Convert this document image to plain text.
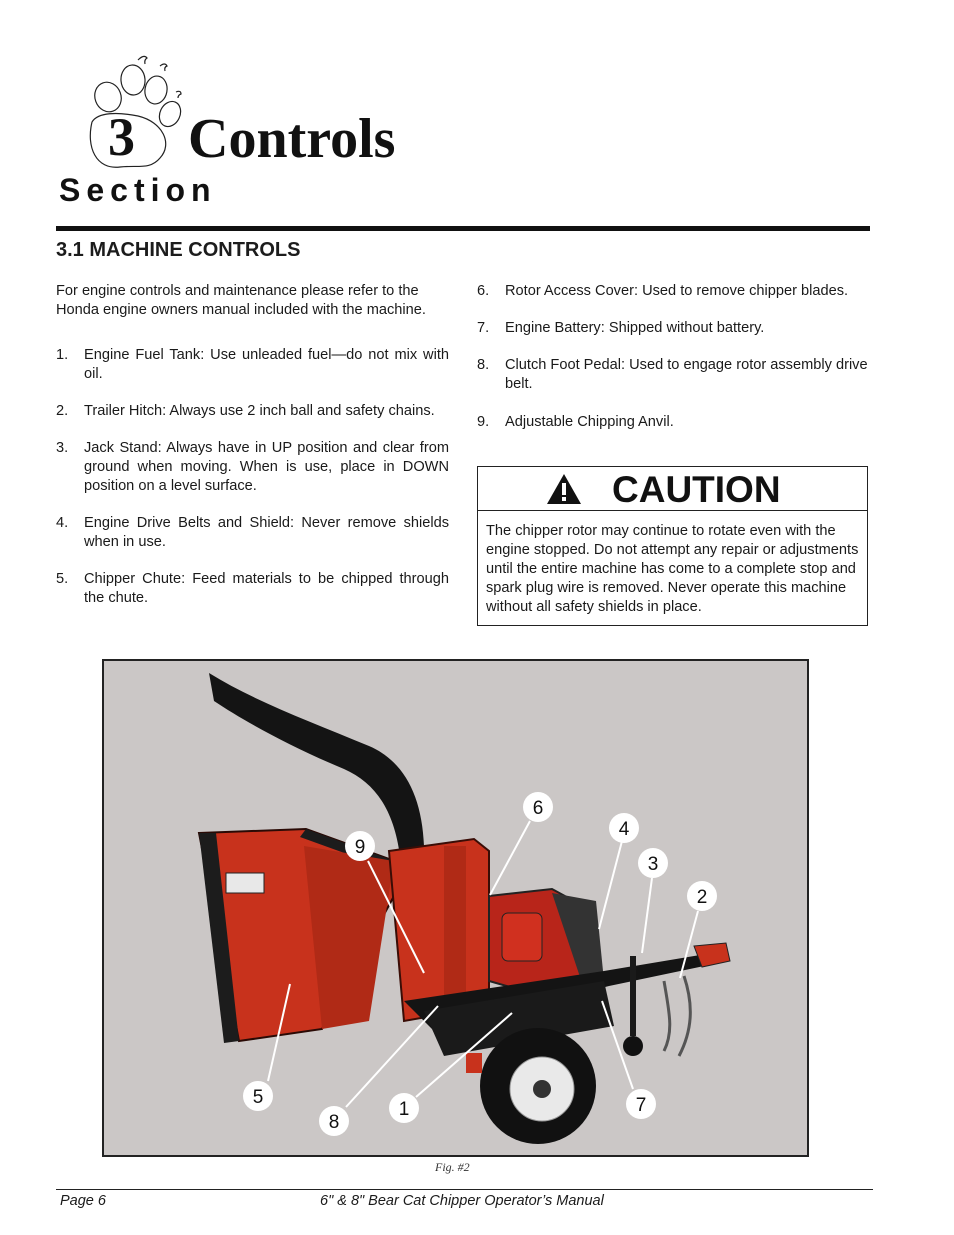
3 Controls
Section
3.1 MACHINE CONTROLS
For engine controls and maintenance please refer to the Honda engine owners manual included with the machine.
1.	Engine Fuel Tank: Use unleaded fuel—do not mix with oil.
2.	Trailer Hitch: Always use 2 inch ball and safety chains.
3.	Jack Stand: Always have in UP position and clear from ground when moving. When is use, place in DOWN position on a level surface.
4.	Engine Drive Belts and Shield: Never remove shields when in use.
5.	Chipper Chute: Feed materials to be chipped through the chute.
6.	Rotor Access Cover: Used to remove chipper blades.
7.	Engine Battery: Shipped without battery.
8.	Clutch Foot Pedal: Used to engage rotor assembly drive belt.
9.	Adjustable Chipping Anvil.
CAUTION
The chipper rotor may continue to rotate even with the engine stopped. Do not attempt any repair or adjustments until the entire machine has come to a complete stop and spark plug wire is removed. Never operate this machine without all safety shields in place.
6
4
9
3
2
5
8
1	7
Fig. #2
Page 6	6" & 8" Bear Cat Chipper Operator’s Manual
